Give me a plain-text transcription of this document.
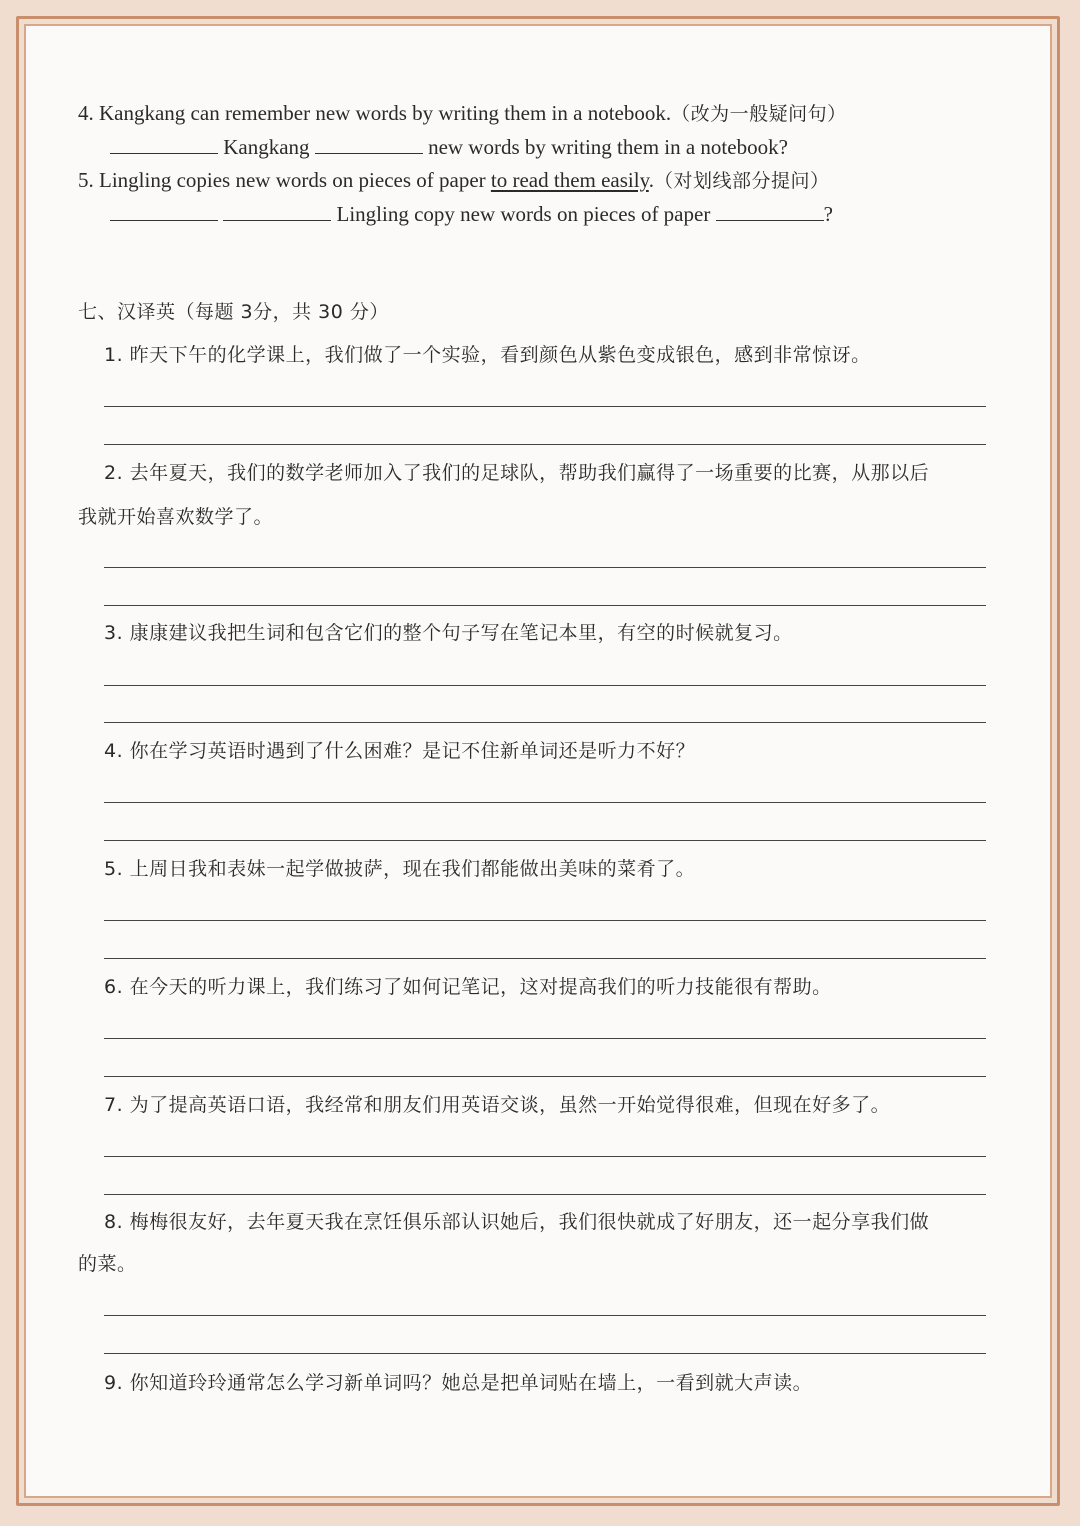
4. Kangkang can remember new words by writing them in a notebook.（改为一般疑问句）
Kangkang	new words by writing them in a notebook?
5. Lingling copies new words on pieces of paper to read them easily.（对划线部分提问）
Lingling copy new words on pieces of paper	?
七、汉译英（每题 3分，共 30 分）
1. 昨天下午的化学课上，我们做了一个实验，看到颜色从紫色变成银色，感到非常惊讶。
2. 去年夏天，我们的数学老师加入了我们的足球队，帮助我们赢得了一场重要的比赛，从那以后
我就开始喜欢数学了。
3. 康康建议我把生词和包含它们的整个句子写在笔记本里，有空的时候就复习。
4. 你在学习英语时遇到了什么困难？是记不住新单词还是听力不好？
5. 上周日我和表妹一起学做披萨，现在我们都能做出美味的菜肴了。
6. 在今天的听力课上，我们练习了如何记笔记，这对提高我们的听力技能很有帮助。
7. 为了提高英语口语，我经常和朋友们用英语交谈，虽然一开始觉得很难，但现在好多了。
8. 梅梅很友好，去年夏天我在烹饪俱乐部认识她后，我们很快就成了好朋友，还一起分享我们做
的菜。
9. 你知道玲玲通常怎么学习新单词吗？她总是把单词贴在墙上，一看到就大声读。
